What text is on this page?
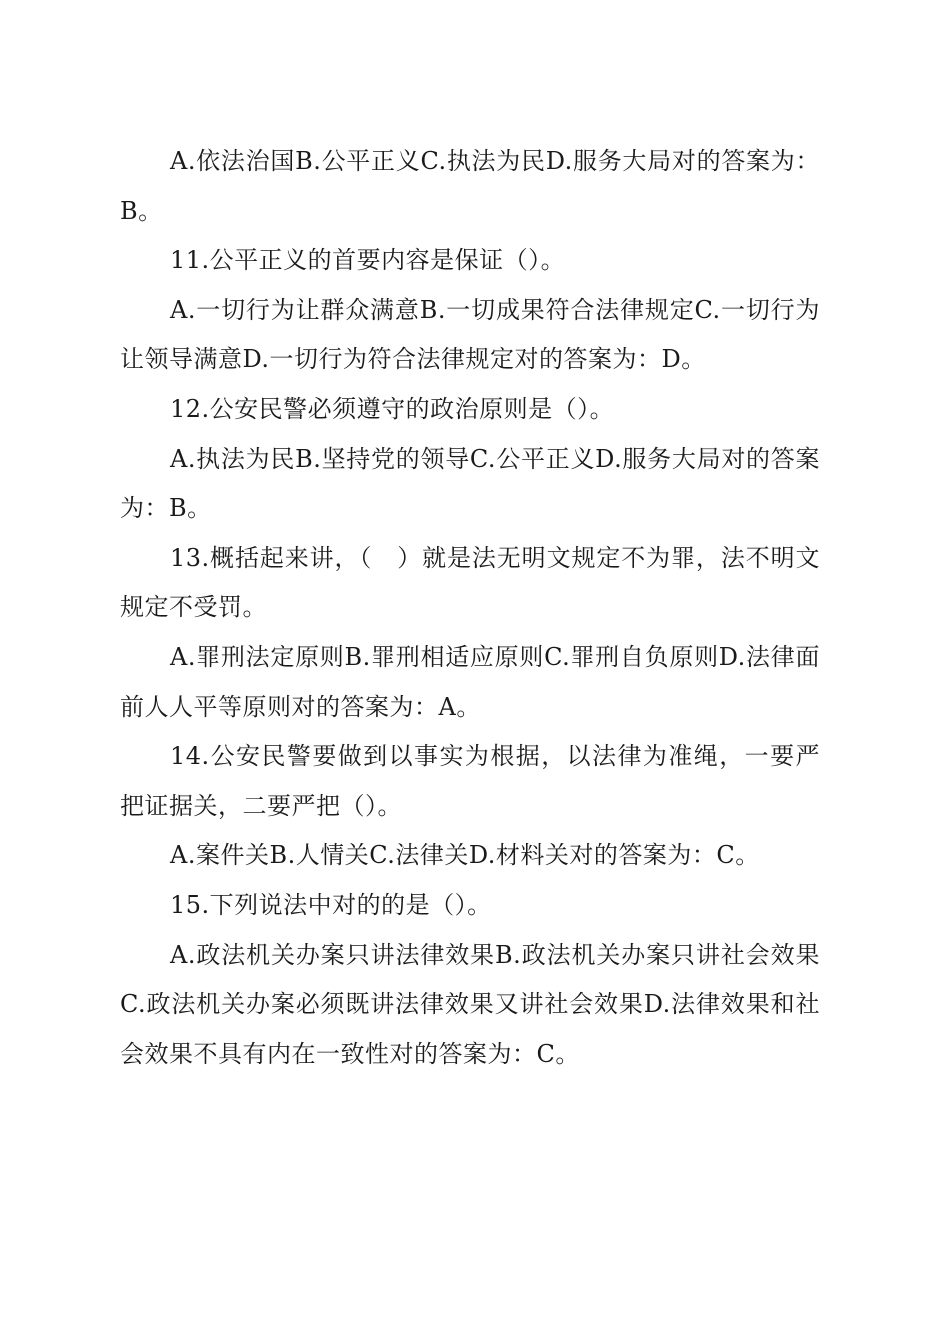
A.依法治国B.公平正义C.执法为民D.服务大局对的答案为：B。

11.公平正义的首要内容是保证（）。

A.一切行为让群众满意B.一切成果符合法律规定C.一切行为让领导满意D.一切行为符合法律规定对的答案为：D。

12.公安民警必须遵守的政治原则是（）。

A.执法为民B.坚持党的领导C.公平正义D.服务大局对的答案为：B。

13.概括起来讲，（　）就是法无明文规定不为罪，法不明文规定不受罚。

A.罪刑法定原则B.罪刑相适应原则C.罪刑自负原则D.法律面前人人平等原则对的答案为：A。

14.公安民警要做到以事实为根据，以法律为准绳，一要严把证据关，二要严把（）。

A.案件关B.人情关C.法律关D.材料关对的答案为：C。

15.下列说法中对的的是（）。

A.政法机关办案只讲法律效果B.政法机关办案只讲社会效果C.政法机关办案必须既讲法律效果又讲社会效果D.法律效果和社会效果不具有内在一致性对的答案为：C。
